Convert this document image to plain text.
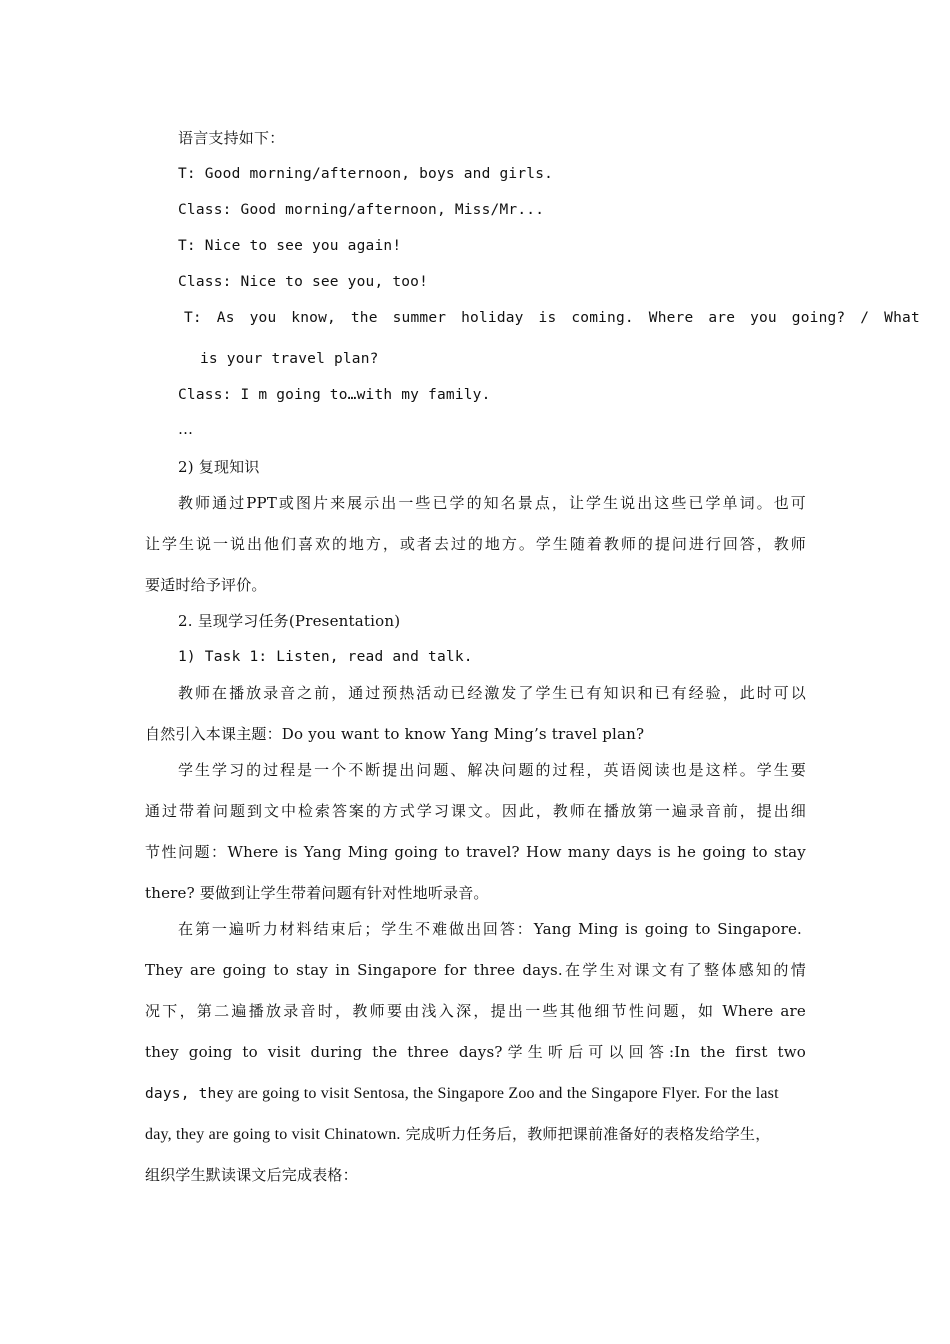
语言支持如下：
T: Good morning/afternoon, boys and girls.
Class: Good morning/afternoon, Miss/Mr...
T: Nice to see you again!
Class: Nice to see you, too!
T: As you know, the summer holiday is coming. Where are you going? / What
is your travel plan?
Class: I m going to…with my family.
…
2) 复现知识
教师通过PPT或图片来展示出一些已学的知名景点，让学生说出这些已学单词。也可
让学生说一说出他们喜欢的地方，或者去过的地方。学生随着教师的提问进行回答，教师
要适时给予评价。
2. 呈现学习任务(Presentation)
1) Task 1: Listen, read and talk.
教师在播放录音之前，通过预热活动已经激发了学生已有知识和已有经验，此时可以
自然引入本课主题：Do you want to know Yang Ming’s travel plan?
学生学习的过程是一个不断提出问题、解决问题的过程，英语阅读也是这样。学生要
通过带着问题到文中检索答案的方式学习课文。因此，教师在播放第一遍录音前，提出细
节性问题：Where is Yang Ming going to travel? How many days is he going to stay
there? 要做到让学生带着问题有针对性地听录音。
在第一遍听力材料结束后；学生不难做出回答：Yang Ming is going to Singapore.
They are going to stay in Singapore for three days.在学生对课文有了整体感知的情
况下，第二遍播放录音时，教师要由浅入深，提出一些其他细节性问题，如 Where are
they going to visit during the three days?学生听后可以回答:In the first two
days, they are going to visit Sentosa, the Singapore Zoo and the Singapore Flyer. For the last
day, they are going to visit Chinatown. 完成听力任务后，教师把课前准备好的表格发给学生，
组织学生默读课文后完成表格：
